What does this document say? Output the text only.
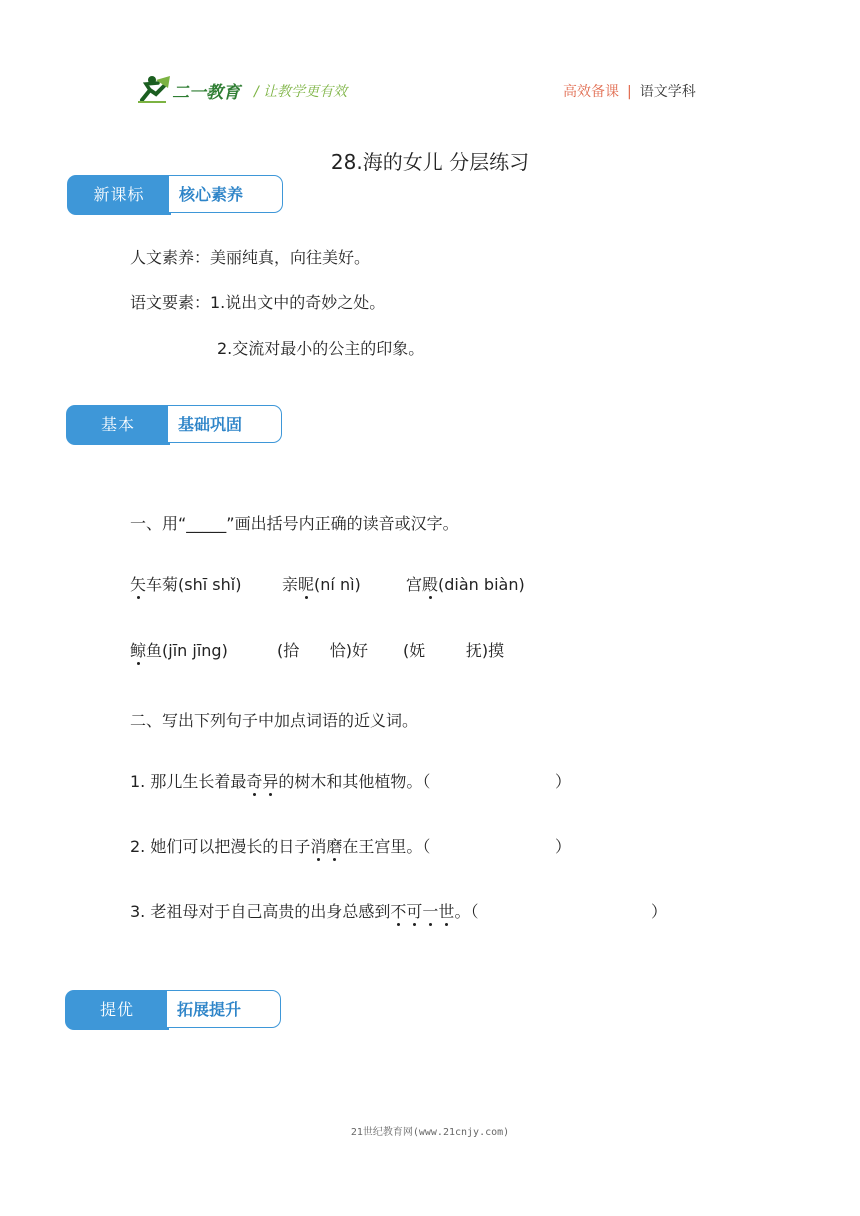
二一教育 / 让教学更有效	高效备课 | 语文学科
28.海的女儿 分层练习
新课标	核心素养
人文素养：美丽纯真，向往美好。
语文要素：1.说出文中的奇妙之处。
2.交流对最小的公主的印象。
基本	基础巩固
一、用“_____”画出括号内正确的读音或汉字。
矢车菊(shī shǐ)	亲昵(ní nì)	宫殿(diàn biàn)
鲸鱼(jīn jīng)	(拾      恰)好 (妩        抚)摸
二、写出下列句子中加点词语的近义词。
1. 那儿生长着最奇异的树木和其他植物。（	）
2. 她们可以把漫长的日子消磨在王宫里。（	）
3. 老祖母对于自己高贵的出身总感到不可一世。（	）
提优	拓展提升
21世纪教育网(www.21cnjy.com)
